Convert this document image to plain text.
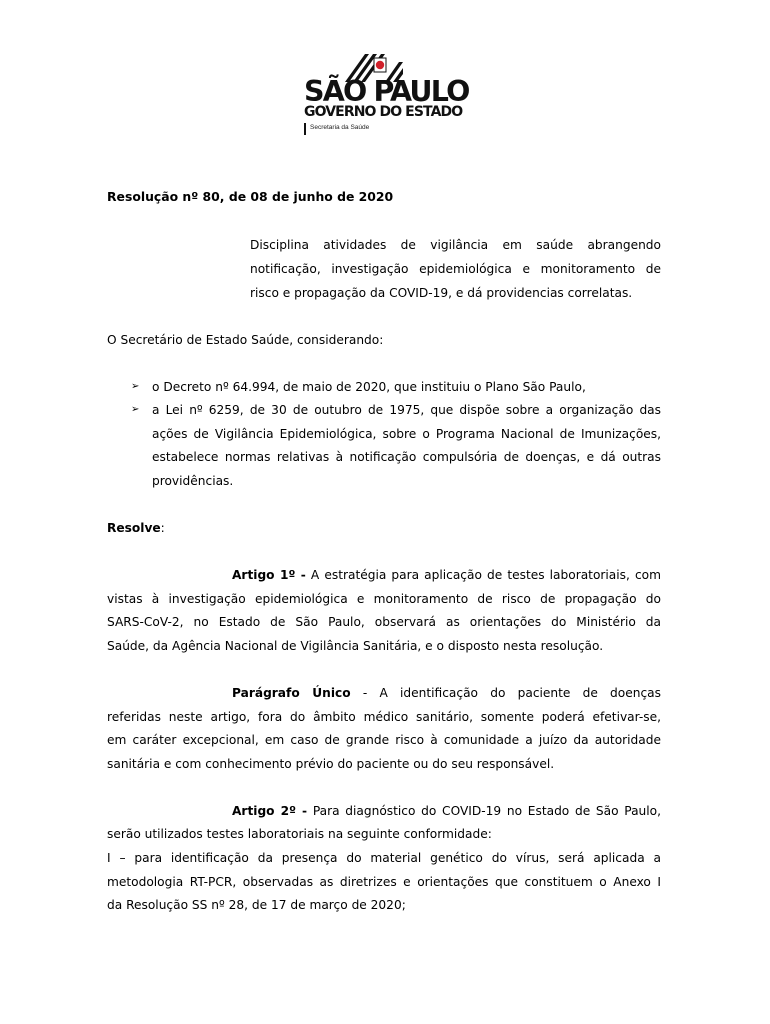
SÃO PAULO
GOVERNO DO ESTADO
Secretaria da Saúde
Resolução nº 80, de 08 de junho de 2020
Disciplina atividades de vigilância em saúde abrangendo
notificação, investigação epidemiológica e monitoramento de
risco e propagação da COVID-19, e dá providencias correlatas.
O Secretário de Estado Saúde, considerando:
➢ o Decreto nº 64.994, de maio de 2020, que instituiu o Plano São Paulo,
➢ a Lei nº 6259, de 30 de outubro de 1975, que dispõe sobre a organização das
ações de Vigilância Epidemiológica, sobre o Programa Nacional de Imunizações,
estabelece normas relativas à notificação compulsória de doenças, e dá outras
providências.
Resolve:
Artigo 1º - A estratégia para aplicação de testes laboratoriais, com
vistas à investigação epidemiológica e monitoramento de risco de propagação do
SARS-CoV-2, no Estado de São Paulo, observará as orientações do Ministério da
Saúde, da Agência Nacional de Vigilância Sanitária, e o disposto nesta resolução.
Parágrafo Único - A identificação do paciente de doenças
referidas neste artigo, fora do âmbito médico sanitário, somente poderá efetivar-se,
em caráter excepcional, em caso de grande risco à comunidade a juízo da autoridade
sanitária e com conhecimento prévio do paciente ou do seu responsável.
Artigo 2º - Para diagnóstico do COVID-19 no Estado de São Paulo,
serão utilizados testes laboratoriais na seguinte conformidade:
I – para identificação da presença do material genético do vírus, será aplicada a
metodologia RT-PCR, observadas as diretrizes e orientações que constituem o Anexo I
da Resolução SS nº 28, de 17 de março de 2020;
